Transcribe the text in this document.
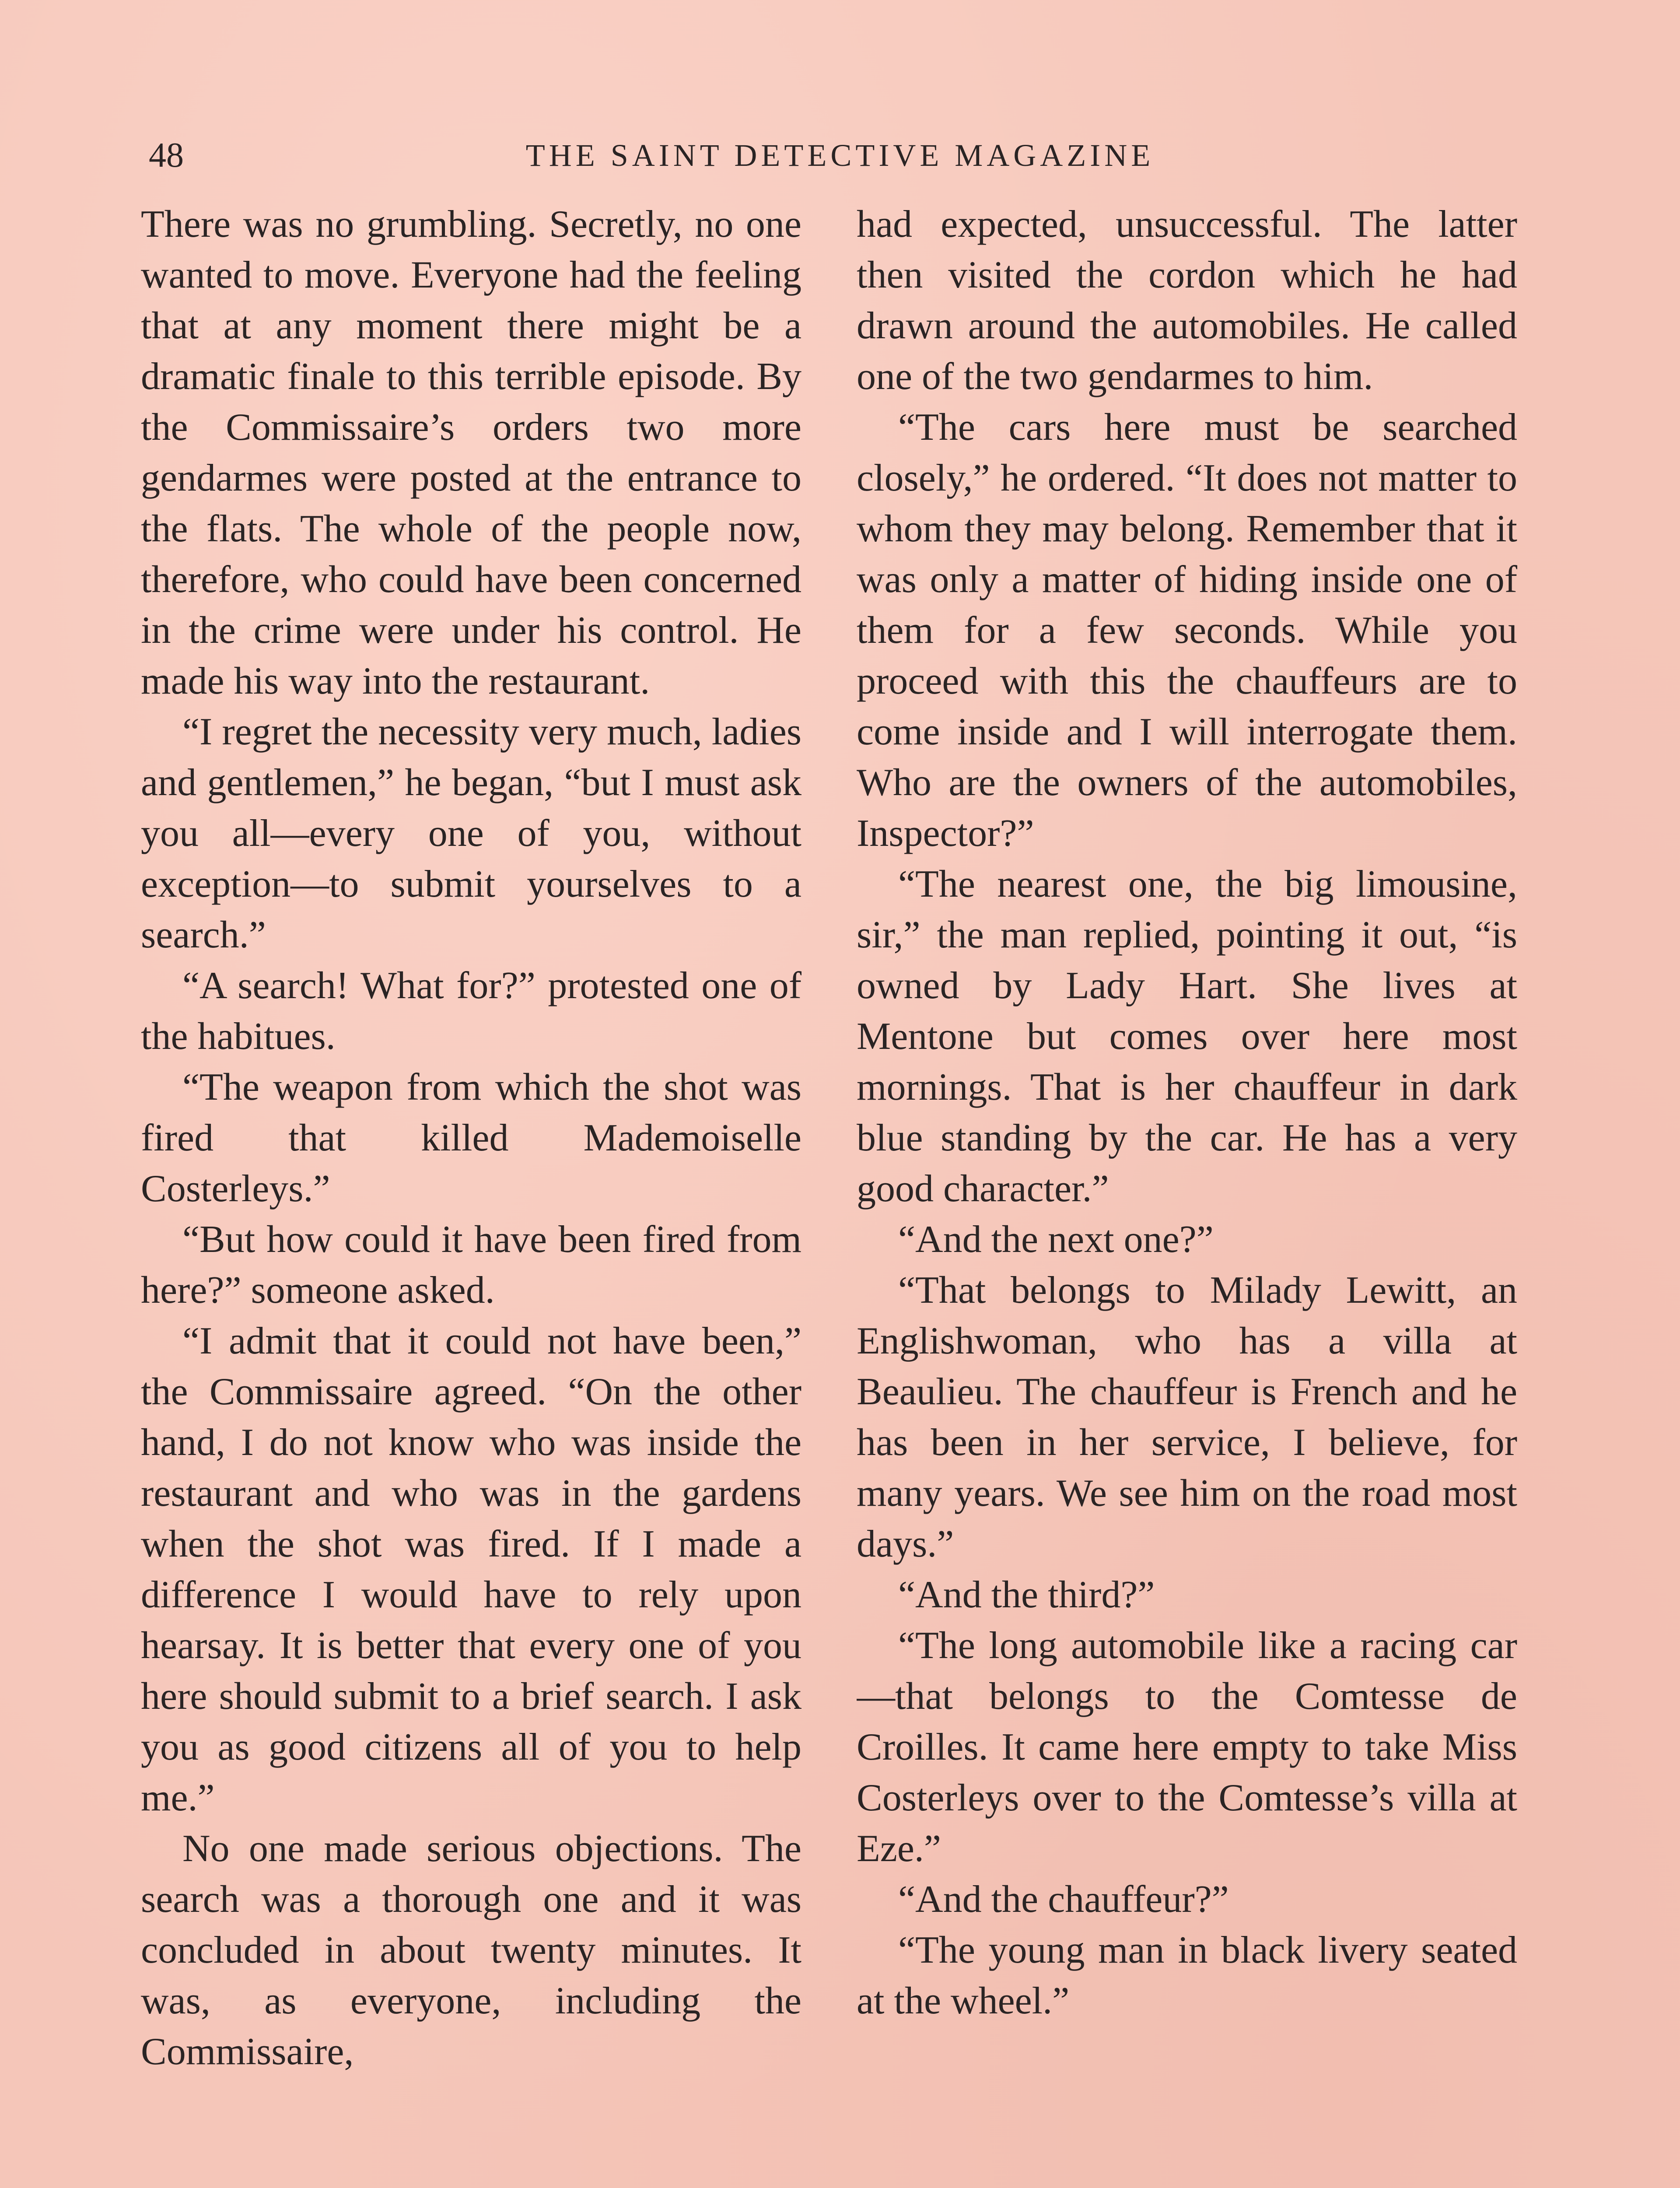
48	THE SAINT DETECTIVE MAGAZINE

There was no grumbling. Secretly, no one wanted to move. Everyone had the feeling that at any moment there might be a dramatic finale to this terrible episode. By the Commissaire’s orders two more gendarmes were posted at the entrance to the flats. The whole of the people now, therefore, who could have been concerned in the crime were under his control. He made his way into the restaurant.

“I regret the necessity very much, ladies and gentlemen,” he began, “but I must ask you all—every one of you, without exception—to submit yourselves to a search.”

“A search! What for?” protested one of the habitues.

“The weapon from which the shot was fired that killed Mademoiselle Costerleys.”

“But how could it have been fired from here?” someone asked.

“I admit that it could not have been,” the Commissaire agreed. “On the other hand, I do not know who was inside the restaurant and who was in the gardens when the shot was fired. If I made a difference I would have to rely upon hearsay. It is better that every one of you here should submit to a brief search. I ask you as good citizens all of you to help me.”

No one made serious objections. The search was a thorough one and it was concluded in about twenty minutes. It was, as everyone, including the Commissaire,

had expected, unsuccessful. The latter then visited the cordon which he had drawn around the automobiles. He called one of the two gendarmes to him.

“The cars here must be searched closely,” he ordered. “It does not matter to whom they may belong. Remember that it was only a matter of hiding inside one of them for a few seconds. While you proceed with this the chauffeurs are to come inside and I will interrogate them. Who are the owners of the automobiles, Inspector?”

“The nearest one, the big limousine, sir,” the man replied, pointing it out, “is owned by Lady Hart. She lives at Mentone but comes over here most mornings. That is her chauffeur in dark blue standing by the car. He has a very good character.”

“And the next one?”

“That belongs to Milady Lewitt, an Englishwoman, who has a villa at Beaulieu. The chauffeur is French and he has been in her service, I believe, for many years. We see him on the road most days.”

“And the third?”

“The long automobile like a racing car—that belongs to the Comtesse de Croilles. It came here empty to take Miss Costerleys over to the Comtesse’s villa at Eze.”

“And the chauffeur?”

“The young man in black livery seated at the wheel.”
